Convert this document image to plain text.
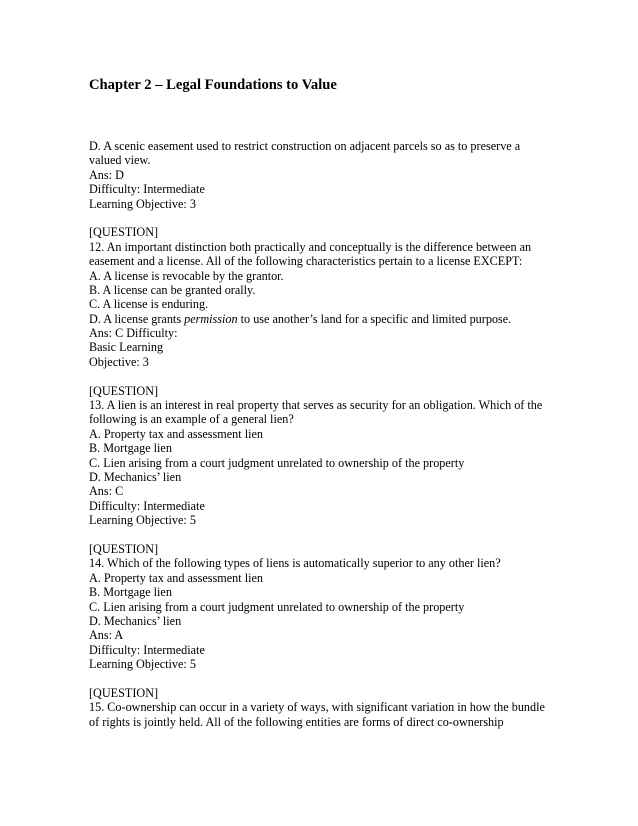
Chapter 2 – Legal Foundations to Value
D. A scenic easement used to restrict construction on adjacent parcels so as to preserve a
valued view.
Ans: D
Difficulty: Intermediate
Learning Objective: 3
[QUESTION]
12. An important distinction both practically and conceptually is the difference between an
easement and a license. All of the following characteristics pertain to a license EXCEPT:
A. A license is revocable by the grantor.
B. A license can be granted orally.
C. A license is enduring.
D. A license grants permission to use another’s land for a specific and limited purpose.
Ans: C Difficulty:
Basic Learning
Objective: 3
[QUESTION]
13. A lien is an interest in real property that serves as security for an obligation. Which of the
following is an example of a general lien?
A. Property tax and assessment lien
B. Mortgage lien
C. Lien arising from a court judgment unrelated to ownership of the property
D. Mechanics’ lien
Ans: C
Difficulty: Intermediate
Learning Objective: 5
[QUESTION]
14. Which of the following types of liens is automatically superior to any other lien?
A. Property tax and assessment lien
B. Mortgage lien
C. Lien arising from a court judgment unrelated to ownership of the property
D. Mechanics’ lien
Ans: A
Difficulty: Intermediate
Learning Objective: 5
[QUESTION]
15. Co-ownership can occur in a variety of ways, with significant variation in how the bundle
of rights is jointly held. All of the following entities are forms of direct co-ownership
